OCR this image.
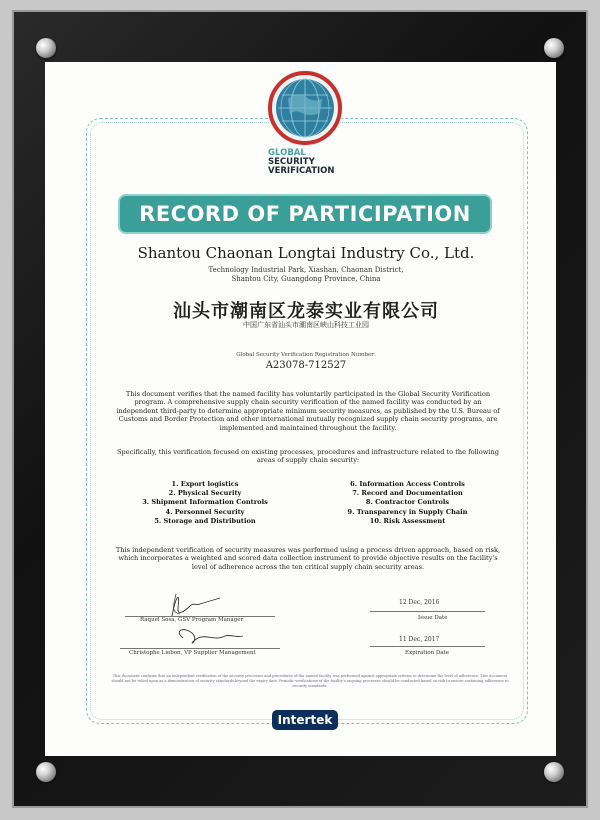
GLOBAL
SECURITY
VERIFICATION
RECORD OF PARTICIPATION
Shantou Chaonan Longtai Industry Co., Ltd.
Technology Industrial Park, Xiashan, Chaonan District,
Shantou City, Guangdong Province, China
汕头市潮南区龙泰实业有限公司
中国广东省汕头市潮南区峡山科技工业园
Global Security Verification Registration Number:
A23078-712527
This document verifies that the named facility has voluntarily participated in the Global Security Verification program. A comprehensive supply chain security verification of the named facility was conducted by an independent third-party to determine appropriate minimum security measures, as published by the U.S. Bureau of Customs and Border Protection and other international mutually recognized supply chain security programs, are implemented and maintained throughout the facility.
Specifically, this verification focused on existing processes, procedures and infrastructure related to the following areas of supply chain security:
1. Export logistics
2. Physical Security
3. Shipment Information Controls
4. Personnel Security
5. Storage and Distribution
6. Information Access Controls
7. Record and Documentation
8. Contractor Controls
9. Transparency in Supply Chain
10. Risk Assessment
This independent verification of security measures was performed using a process driven approach, based on risk, which incorporates a weighted and scored data collection instrument to provide objective results on the facility's level of adherence across the ten critical supply chain security areas.
Raquel Sosa, GSV Program Manager
Christophe Liebon, VP Supplier Management
12 Dec, 2016
Issue Date
11 Dec, 2017
Expiration Date
This document confirms that an independent verification of the security processes and procedures of the named facility was performed against appropriate criteria to determine the level of adherence. This document should not be relied upon as a demonstration of security standards beyond the expiry date. Periodic verifications of the facility's ongoing processes should be conducted based on risk to ensure sustaining adherence to security standards.
Intertek
